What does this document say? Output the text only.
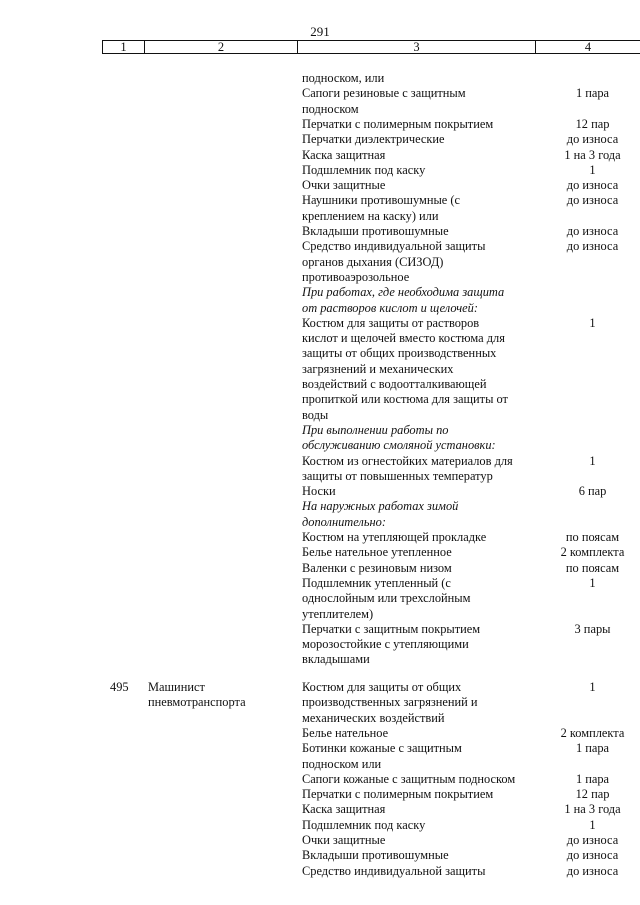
291
1	2	3	4
подноском, или
Сапоги резиновые с защитным	1 пара
подноском
Перчатки с полимерным покрытием	12 пар
Перчатки диэлектрические	до износа
Каска защитная	1 на 3 года
Подшлемник под каску	1
Очки защитные	до износа
Наушники противошумные (с	до износа
креплением на каску) или
Вкладыши противошумные	до износа
Средство индивидуальной защиты	до износа
органов дыхания (СИЗОД)
противоаэрозольное
При работах, где необходима защита
от растворов кислот и щелочей:
Костюм для защиты от растворов	1
кислот и щелочей вместо костюма для
защиты от общих производственных
загрязнений и механических
воздействий с водоотталкивающей
пропиткой или костюма для защиты от
воды
При выполнении работы по
обслуживанию смоляной установки:
Костюм из огнестойких материалов для	1
защиты от повышенных температур
Носки	6 пар
На наружных работах зимой
дополнительно:
Костюм на утепляющей прокладке	по поясам
Белье нательное утепленное	2 комплекта
Валенки с резиновым низом	по поясам
Подшлемник утепленный (с	1
однослойным или трехслойным
утеплителем)
Перчатки с защитным покрытием	3 пары
морозостойкие с утепляющими
вкладышами
495	Машинист
пневмотранспорта
Костюм для защиты от общих	1
производственных загрязнений и
механических воздействий
Белье нательное	2 комплекта
Ботинки кожаные с защитным	1 пара
подноском или
Сапоги кожаные с защитным подноском	1 пара
Перчатки с полимерным покрытием	12 пар
Каска защитная	1 на 3 года
Подшлемник под каску	1
Очки защитные	до износа
Вкладыши противошумные	до износа
Средство индивидуальной защиты	до износа
